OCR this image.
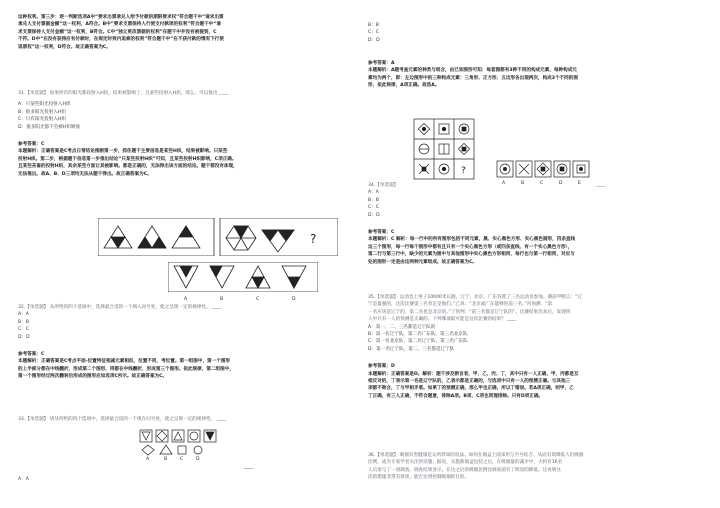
这种权利。第三步：逐一判断选项A中“要求出票承兑人给予付款的期限要求权”符合题干中“请求出票
承兑人支付票据金额”这一权利，A符合。B中“要求支票保持人行使支付款项的权利”符合题干中“请
求支票保持人支付金额”这一权利，B符合。C中“独立更改票据的权利”在题干中并没有被提到，C
不符。D中“在没有获得应有付款时，在规定时效内追索的权利”符合题干中“在不获付款的情况下行使
追票权”这一权利，D符合。故正确答案为C。
31.【单选题】 如果所有的阳光都投射入H炽，结果被影响了，且某些投射入H炽，那么，可以推出 ____
A：只某些阳光投射入H炽
B：很多阳光投射入H炽
C：只有阳光投射入H炽
D：很多阳光都不会被H炽吸收
参考答案：C
本题解析：正确答案是C考点日常结论推断第一步，抓住题干主要信息是某些H炽，结果被影响。只某些
投射H炽。第二步，根据题干信息第一步推出结论“只某些投射H炽”可知，且某些投射H炽影响，C项正确。
且某些吝啬的投射H炽，其余某些方面让其被影响。都是正确的，无法得出该方面的结论。题干都没有体现，
无法推出。故A、B、D三项均无法从题干得出。故正确答案为C。
?
A	B	C	D
32.【单选题】 从所给的四个选项中，选择最合适的一个填入问号处，使之呈现一定的规律性。 ____
A：A
B：B
C：C
D：D
参考答案：C
本题解析：正确答案是C考点平面-位置特征相减元素相似，位置不同，考位置。第一组图中，第一个图形
的上半部分都在中线翻折，形成第二个图形，再都在中线翻折，形成第三个图形。依此规律，第二组图中，
第一个图形经过两次翻转后形成的图形应如选项C所示。故正确答案为C。
33.【单选题】 请从所给的四个选项中，选择最合适的一个填在问号处，使之呈现一定的规律性。 ____
A	B	C	D
____
A：A
B：B
C：C
D：D
参考答案：A
本题解析：A题考查元素的种类与组合，由已知图形可知：每套图都有3种不同的构成元素，每种构成元
素均为两个，即：左边图形中的三种构成元素：三角形、正方形、五边形各出现两次，构成3个不同的图
形，依此规律，A项正确。故选A。
?
A	B	C	D	E
34.【单选题】	____
A：A
B：B
C：C
D：D
参考答案：C
本题解析：C 解析：每一行中的所有图形包括不同元素，黑、实心黑色方形、实心黑色圆形，四条直线
这三个图形，每一行每个图形中都有且只有一个实心黑色方形（或四条直线、有一个实心黑色方形），
第二行与第三行中，缺少的元素为图中与其他图形中实心黑色方形相同，每行也与第一行相同，对应与
处的图形一定是由这两种元素组成。故正确答案为C。
35.【单选题】 运动会上男子10000米长跑，辽宁、北京、广东各派了三名运动员参加。赛前甲断言：“辽
宁是最强的，这次比赛第三名肯定是他们。”乙说：“北京或广东能够进前三名。”丙预测：“第
一名应该是辽宁的，第二名也是北京的。”丁预判：“前三名都是辽宁队的”。比赛结果出来后，发现四
人中只有一人的预测是正确的。下列哪项最可能是这次比赛的结果？ ____
A：第一、二、三名都是辽宁队的
B：第一名辽宁队，第二名广东队，第三名北京队
C：第一名北京队，第二名辽宁队，第三名广东队
D：第一名辽宁队，第二、三名都是辽宁队
参考答案：D
本题解析：正确答案是D。解析：题干涉及断言者，甲、乙、丙、丁，其中只有一人正确，甲、丙都是互
相反对的，丁表示第一名是辽宁队的，乙表示都是正确的，与选项中只有一人的预测正确。与其他三
项都不吻合，丁与甲相矛盾。如果丁的预测正确，那么甲也正确，所以丁错误。若A项正确，则甲、乙
丁正确，有三人正确，不符合题意，排除A项。B项、C项也同理排除。只有D项正确。
36.【单选题】 吸烟有害健康是众所周知的说法。如何在烟盒上面采用与字号结合。从而有效降低人们吸烟
比例，成为专家学者关注的话题，据说，实施新烟盒包装之后，在吸烟量的减少中，大约有16名
人员参与了一项调查。调查结果显示，在这之后的吸烟比例比调查前有了明显的降低。这说明这
次的措施非常有效果，能否达到控制吸烟的目的。
